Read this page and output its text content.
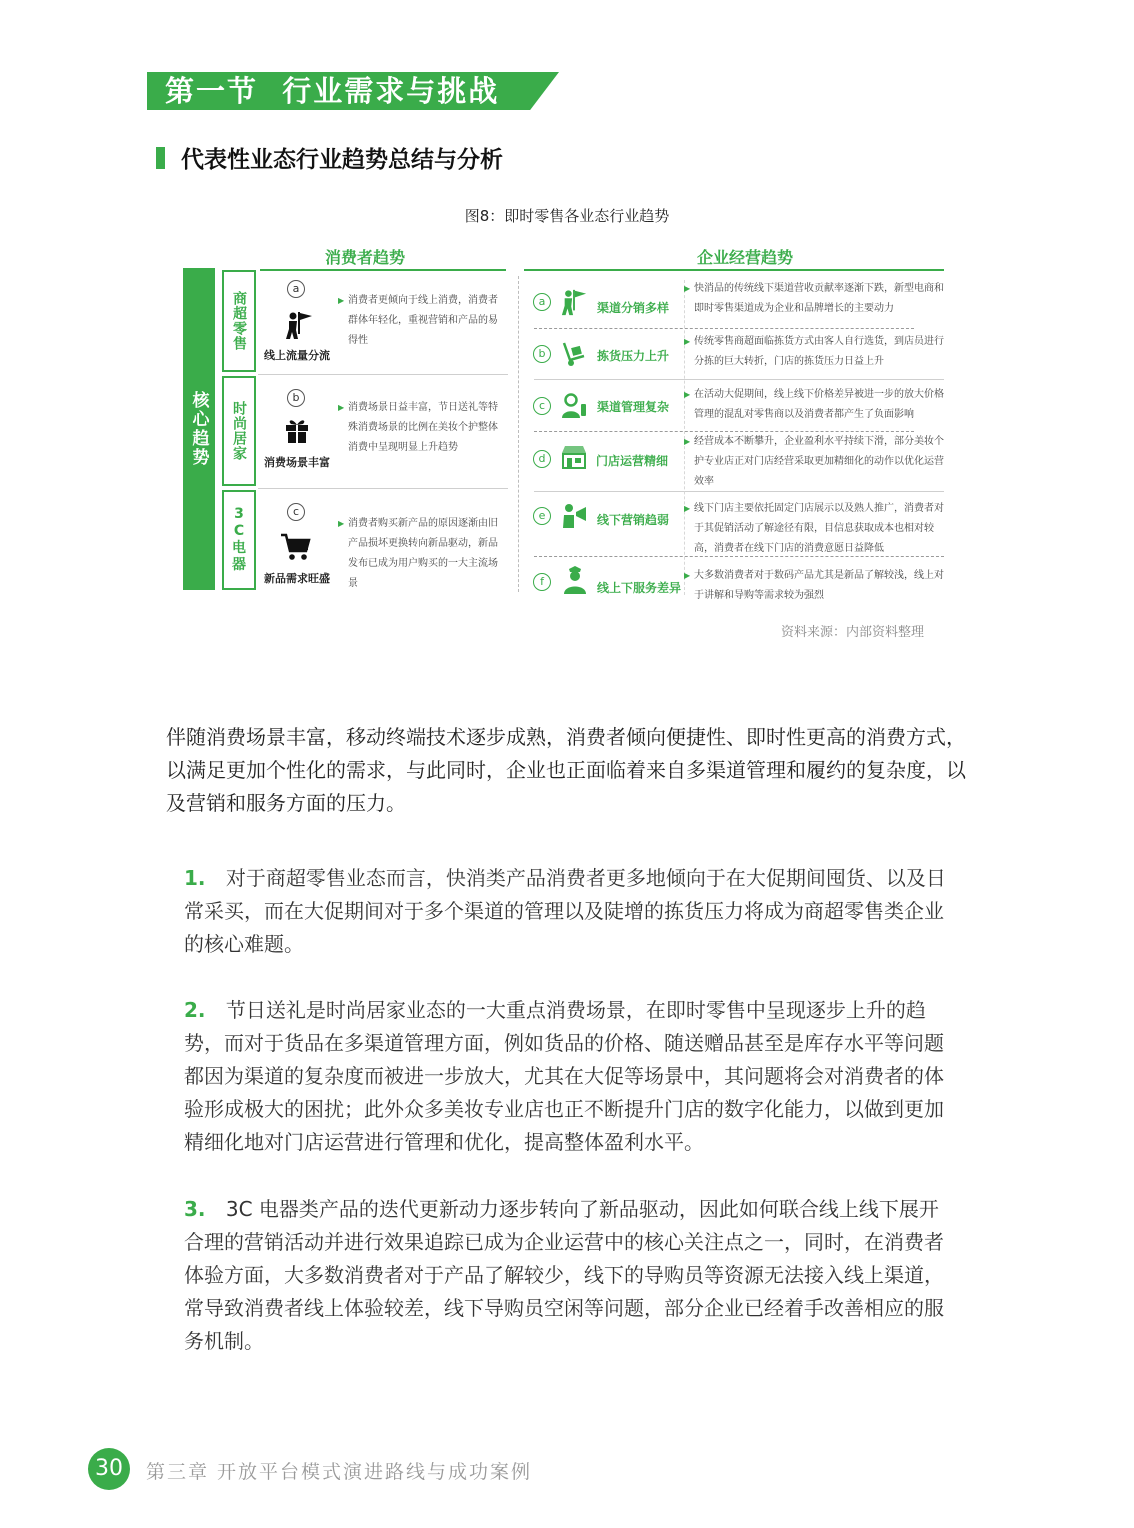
第一节  行业需求与挑战
代表性业态行业趋势总结与分析
图8：即时零售各业态行业趋势
消费者趋势	企业经营趋势
核心趋势
商超零售
时尚居家
3C电器
a
线上流量分流
▶ 消费者更倾向于线上消费，消费者群体年轻化，重视营销和产品的易得性
b
消费场景丰富
▶ 消费场景日益丰富，节日送礼等特殊消费场景的比例在美妆个护整体消费中呈现明显上升趋势
c
新品需求旺盛
▶ 消费者购买新产品的原因逐渐由旧产品损坏更换转向新品驱动，新品发布已成为用户购买的一大主流场景
a	渠道分销多样
▶ 快消品的传统线下渠道营收贡献率逐渐下跌，新型电商和即时零售渠道成为企业和品牌增长的主要动力
b	拣货压力上升
▶ 传统零售商超面临拣货方式由客人自行选货，到店员进行分拣的巨大转折，门店的拣货压力日益上升
c	渠道管理复杂
▶ 在活动大促期间，线上线下价格差异被进一步的放大价格管理的混乱对零售商以及消费者都产生了负面影响
d	门店运营精细
▶ 经营成本不断攀升，企业盈利水平持续下滑，部分美妆个护专业店正对门店经营采取更加精细化的动作以优化运营效率
e	线下营销趋弱
▶ 线下门店主要依托固定门店展示以及熟人推广，消费者对于其促销活动了解途径有限，目信息获取成本也相对较高，消费者在线下门店的消费意愿日益降低
f	线上下服务差异
▶ 大多数消费者对于数码产品尤其是新品了解较浅，线上对于讲解和导购等需求较为强烈
资料来源：内部资料整理
伴随消费场景丰富，移动终端技术逐步成熟，消费者倾向便捷性、即时性更高的消费方式，以满足更加个性化的需求，与此同时，企业也正面临着来自多渠道管理和履约的复杂度，以及营销和服务方面的压力。
1. 对于商超零售业态而言，快消类产品消费者更多地倾向于在大促期间囤货、以及日常采买，而在大促期间对于多个渠道的管理以及陡增的拣货压力将成为商超零售类企业的核心难题。
2. 节日送礼是时尚居家业态的一大重点消费场景，在即时零售中呈现逐步上升的趋势，而对于货品在多渠道管理方面，例如货品的价格、随送赠品甚至是库存水平等问题都因为渠道的复杂度而被进一步放大，尤其在大促等场景中，其问题将会对消费者的体验形成极大的困扰；此外众多美妆专业店也正不断提升门店的数字化能力，以做到更加精细化地对门店运营进行管理和优化，提高整体盈利水平。
3. 3C 电器类产品的迭代更新动力逐步转向了新品驱动，因此如何联合线上线下展开合理的营销活动并进行效果追踪已成为企业运营中的核心关注点之一，同时，在消费者体验方面，大多数消费者对于产品了解较少，线下的导购员等资源无法接入线上渠道，常导致消费者线上体验较差，线下导购员空闲等问题，部分企业已经着手改善相应的服务机制。
30	第三章 开放平台模式演进路线与成功案例
